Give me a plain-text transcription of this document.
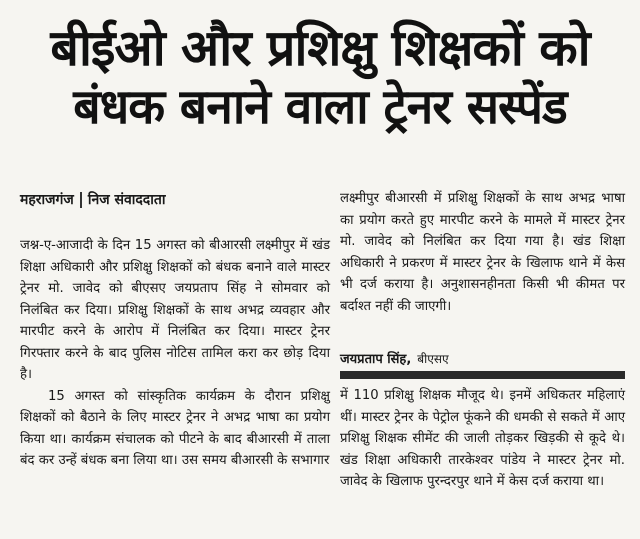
बीईओ और प्रशिक्षु शिक्षकों को
बंधक बनाने वाला ट्रेनर सस्पेंड
महराजगंज निज संवाददाता

जश्न-ए-आजादी के दिन 15 अगस्त को बीआरसी लक्ष्मीपुर में खंड शिक्षा अधिकारी और प्रशिक्षु शिक्षकों को बंधक बनाने वाले मास्टर ट्रेनर मो. जावेद को बीएसए जयप्रताप सिंह ने सोमवार को निलंबित कर दिया। प्रशिक्षु शिक्षकों के साथ अभद्र व्यवहार और मारपीट करने के आरोप में निलंबित कर दिया। मास्टर ट्रेनर गिरफ्तार करने के बाद पुलिस नोटिस तामिल करा कर छोड़ दिया है।

15 अगस्त को सांस्कृतिक कार्यक्रम के दौरान प्रशिक्षु शिक्षकों को बैठाने के लिए मास्टर ट्रेनर ने अभद्र भाषा का प्रयोग किया था। कार्यक्रम संचालक को पीटने के बाद बीआरसी में ताला बंद कर उन्हें बंधक बना लिया था। उस समय बीआरसी के सभागार

लक्ष्मीपुर बीआरसी में प्रशिक्षु शिक्षकों के साथ अभद्र भाषा का प्रयोग करते हुए मारपीट करने के मामले में मास्टर ट्रेनर मो. जावेद को निलंबित कर दिया गया है। खंड शिक्षा अधिकारी ने प्रकरण में मास्टर ट्रेनर के खिलाफ थाने में केस भी दर्ज कराया है। अनुशासनहीनता किसी भी कीमत पर बर्दाश्त नहीं की जाएगी।

जयप्रताप सिंह, बीएसए

में 110 प्रशिक्षु शिक्षक मौजूद थे। इनमें अधिकतर महिलाएं थीं। मास्टर ट्रेनर के पेट्रोल फूंकने की धमकी से सकते में आए प्रशिक्षु शिक्षक सीमेंट की जाली तोड़कर खिड़की से कूदे थे। खंड शिक्षा अधिकारी तारकेश्वर पांडेय ने मास्टर ट्रेनर मो. जावेद के खिलाफ पुरन्दरपुर थाने में केस दर्ज कराया था।
